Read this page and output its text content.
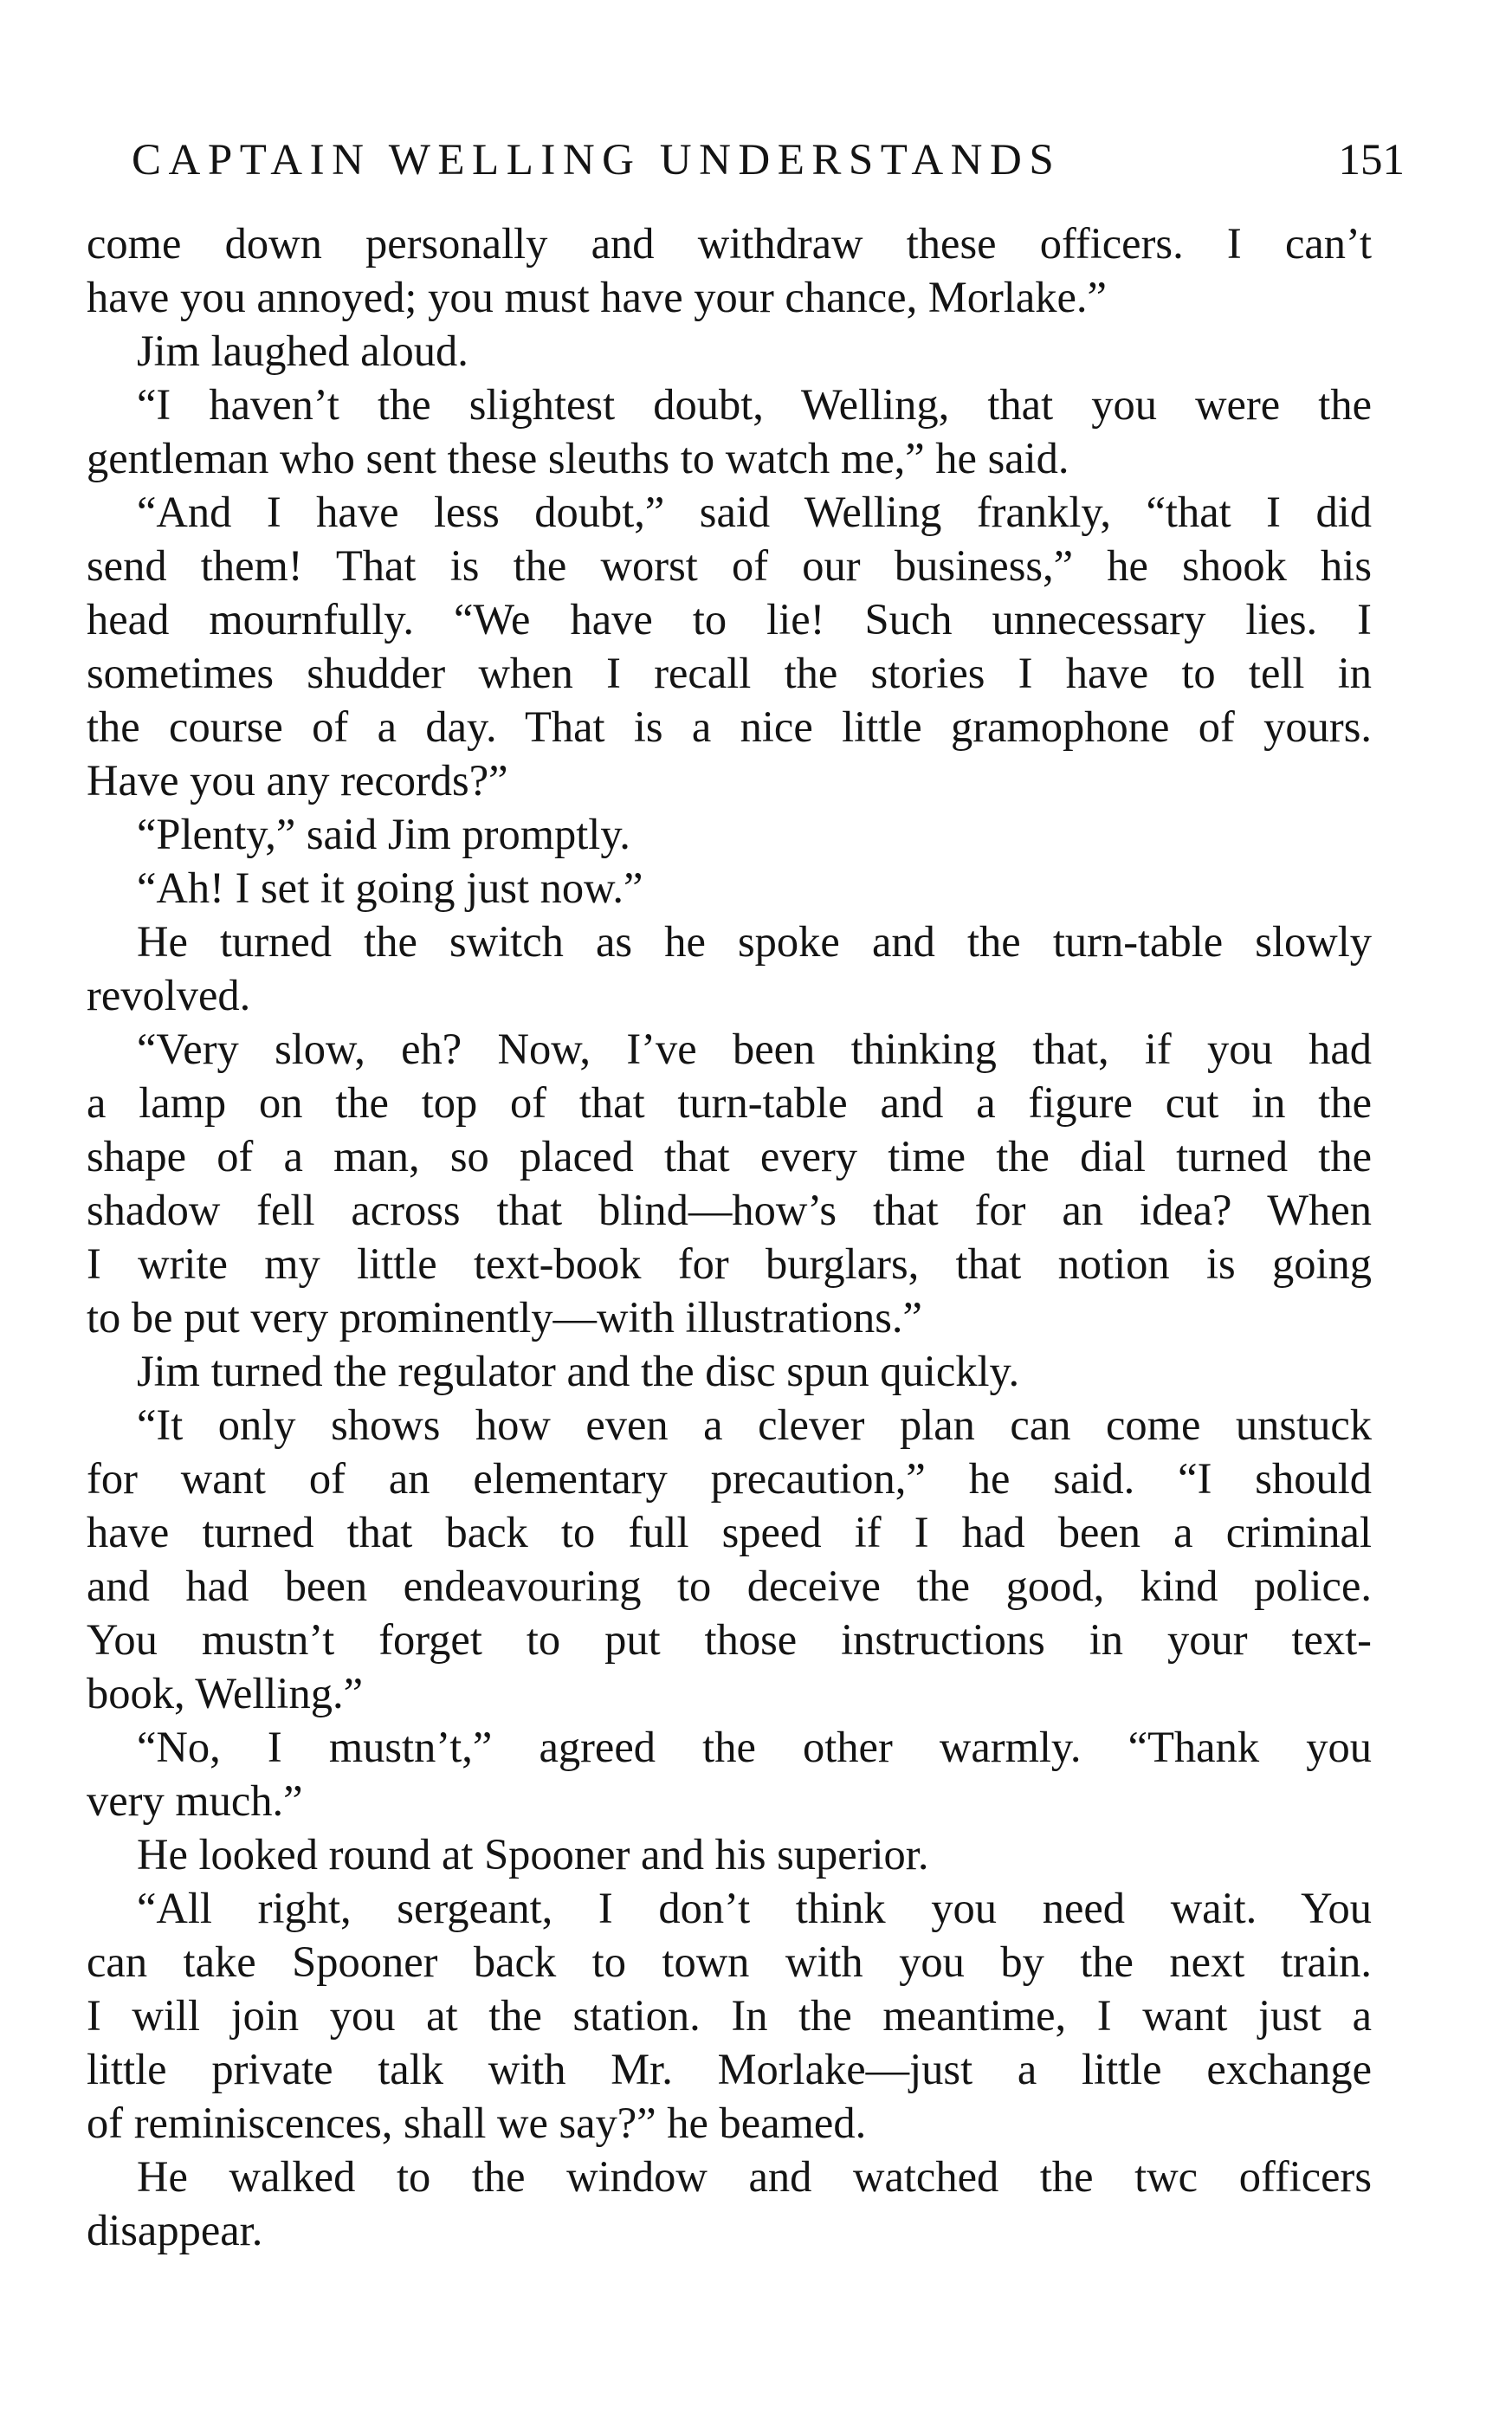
CAPTAIN WELLING UNDERSTANDS	151
come down personally and withdraw these officers. I can’t
have you annoyed; you must have your chance, Morlake.”
Jim laughed aloud.
“I haven’t the slightest doubt, Welling, that you were the
gentleman who sent these sleuths to watch me,” he said.
“And I have less doubt,” said Welling frankly, “that I did
send them! That is the worst of our business,” he shook his
head mournfully. “We have to lie! Such unnecessary lies. I
sometimes shudder when I recall the stories I have to tell in
the course of a day. That is a nice little gramophone of yours.
Have you any records?”
“Plenty,” said Jim promptly.
“Ah! I set it going just now.”
He turned the switch as he spoke and the turn-table slowly
revolved.
“Very slow, eh? Now, I’ve been thinking that, if you had
a lamp on the top of that turn-table and a figure cut in the
shape of a man, so placed that every time the dial turned the
shadow fell across that blind—how’s that for an idea? When
I write my little text-book for burglars, that notion is going
to be put very prominently—with illustrations.”
Jim turned the regulator and the disc spun quickly.
“It only shows how even a clever plan can come unstuck
for want of an elementary precaution,” he said. “I should
have turned that back to full speed if I had been a criminal
and had been endeavouring to deceive the good, kind police.
You mustn’t forget to put those instructions in your text-
book, Welling.”
“No, I mustn’t,” agreed the other warmly. “Thank you
very much.”
He looked round at Spooner and his superior.
“All right, sergeant, I don’t think you need wait. You
can take Spooner back to town with you by the next train.
I will join you at the station. In the meantime, I want just a
little private talk with Mr. Morlake—just a little exchange
of reminiscences, shall we say?” he beamed.
He walked to the window and watched the twc officers
disappear.
